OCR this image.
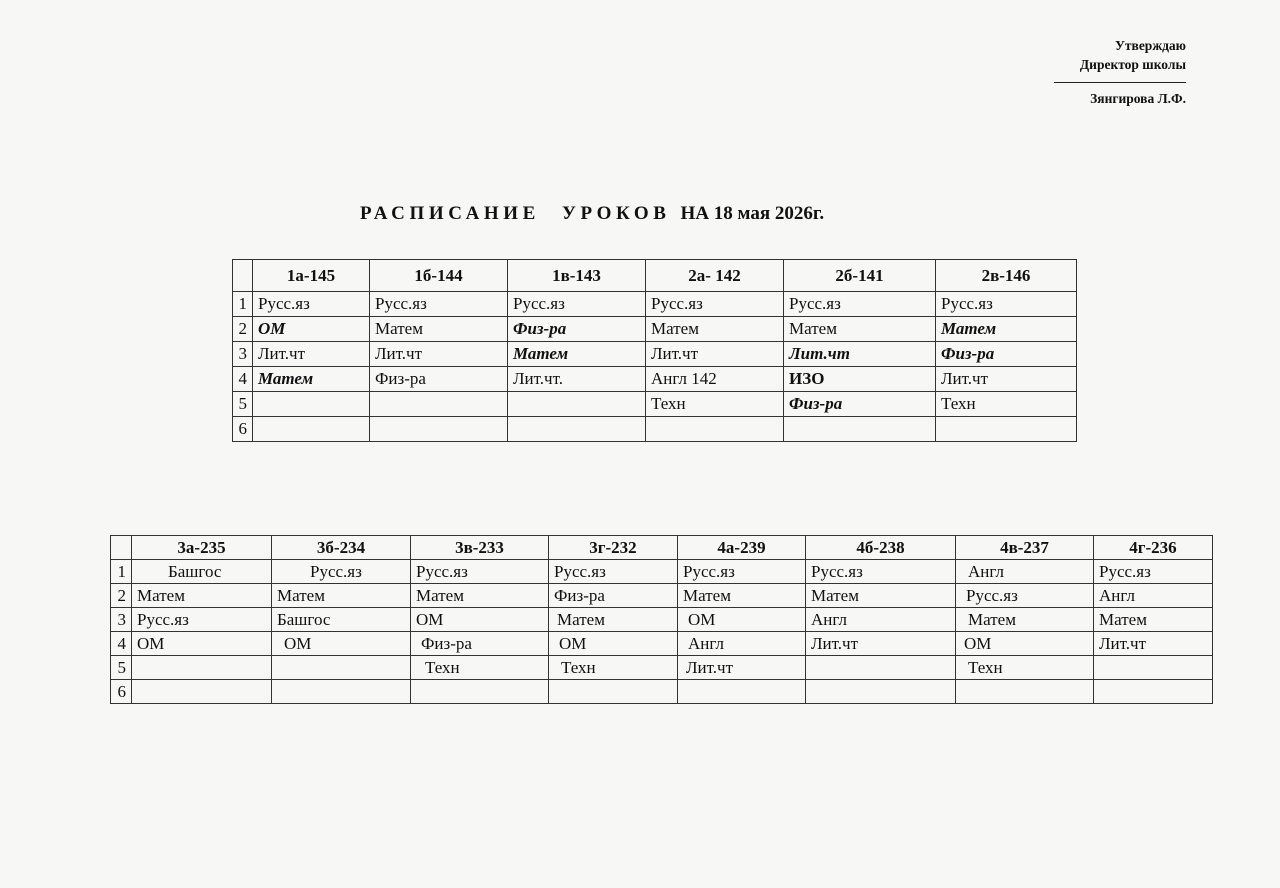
Утверждаю
Директор школы
Зянгирова Л.Ф.
РАСПИСАНИЕ УРОКОВ НА 18 мая 2026г.
	1а-145	1б-144	1в-143	2а- 142	2б-141	2в-146
1	Русс.яз	Русс.яз	Русс.яз	Русс.яз	Русс.яз	Русс.яз
2	ОМ	Матем	Физ-ра	Матем	Матем	Матем
3	Лит.чт	Лит.чт	Матем	Лит.чт	Лит.чт	Физ-ра
4	Матем	Физ-ра	Лит.чт.	Англ 142	ИЗО	Лит.чт
5				Техн	Физ-ра	Техн
6						
	3а-235	3б-234	3в-233	3г-232	4а-239	4б-238	4в-237	4г-236
1	Башгос	Русс.яз	Русс.яз	Русс.яз	Русс.яз	Русс.яз	Англ	Русс.яз
2	Матем	Матем	Матем	Физ-ра	Матем	Матем	Русс.яз	Англ
3	Русс.яз	Башгос	ОМ	Матем	ОМ	Англ	Матем	Матем
4	ОМ	ОМ	Физ-ра	ОМ	Англ	Лит.чт	ОМ	Лит.чт
5			Техн	Техн	Лит.чт		Техн	
6								
